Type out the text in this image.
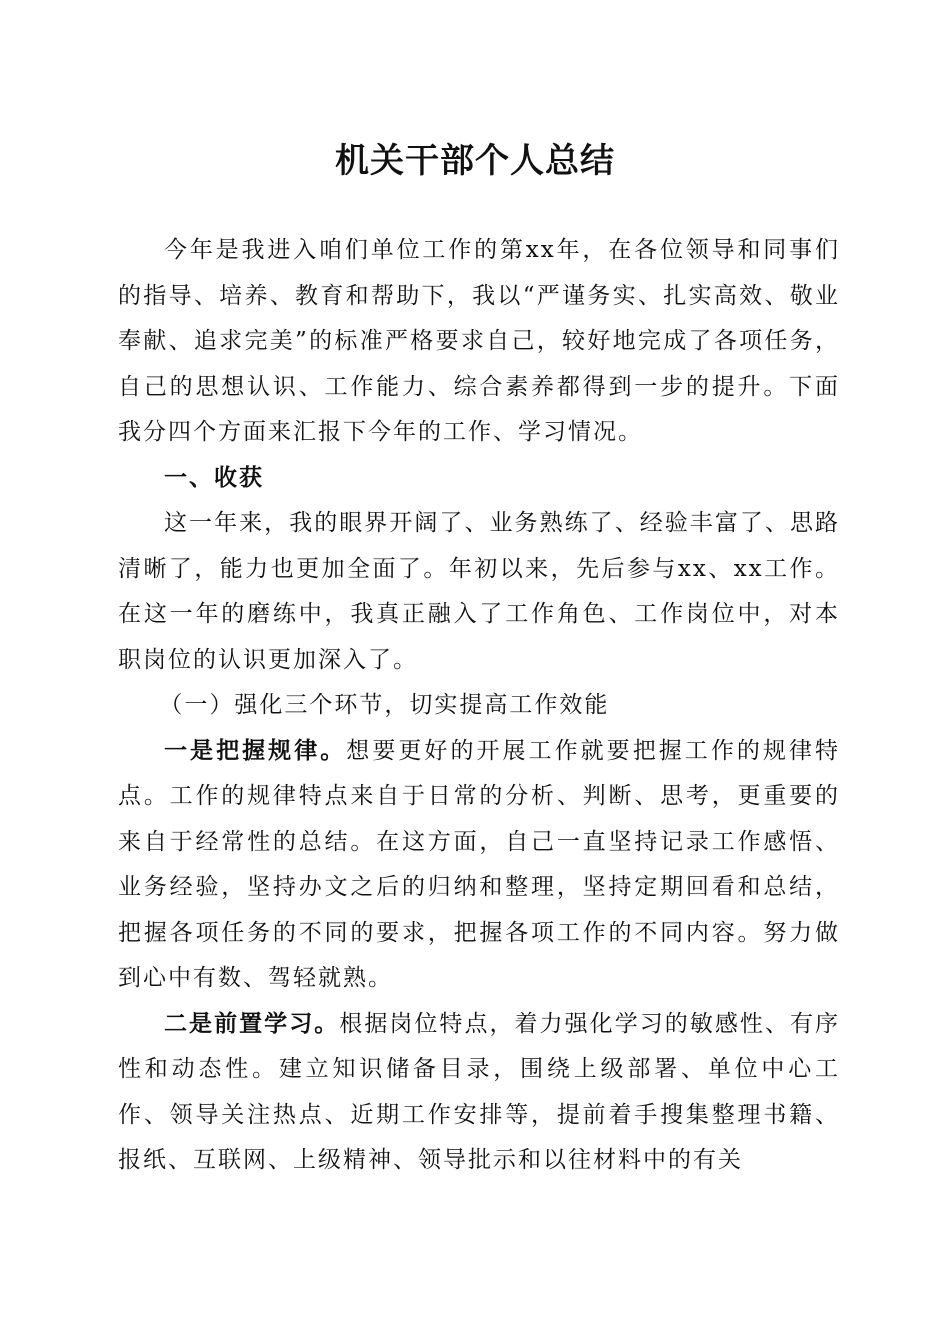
机关干部个人总结

今年是我进入咱们单位工作的第xx年，在各位领导和同事们的指导、培养、教育和帮助下，我以“严谨务实、扎实高效、敬业奉献、追求完美”的标准严格要求自己，较好地完成了各项任务，自己的思想认识、工作能力、综合素养都得到一步的提升。下面我分四个方面来汇报下今年的工作、学习情况。

一、收获

这一年来，我的眼界开阔了、业务熟练了、经验丰富了、思路清晰了，能力也更加全面了。年初以来，先后参与xx、xx工作。在这一年的磨练中，我真正融入了工作角色、工作岗位中，对本职岗位的认识更加深入了。

（一）强化三个环节，切实提高工作效能

一是把握规律。想要更好的开展工作就要把握工作的规律特点。工作的规律特点来自于日常的分析、判断、思考，更重要的来自于经常性的总结。在这方面，自己一直坚持记录工作感悟、业务经验，坚持办文之后的归纳和整理，坚持定期回看和总结，把握各项任务的不同的要求，把握各项工作的不同内容。努力做到心中有数、驾轻就熟。

二是前置学习。根据岗位特点，着力强化学习的敏感性、有序性和动态性。建立知识储备目录，围绕上级部署、单位中心工作、领导关注热点、近期工作安排等，提前着手搜集整理书籍、报纸、互联网、上级精神、领导批示和以往材料中的有关
